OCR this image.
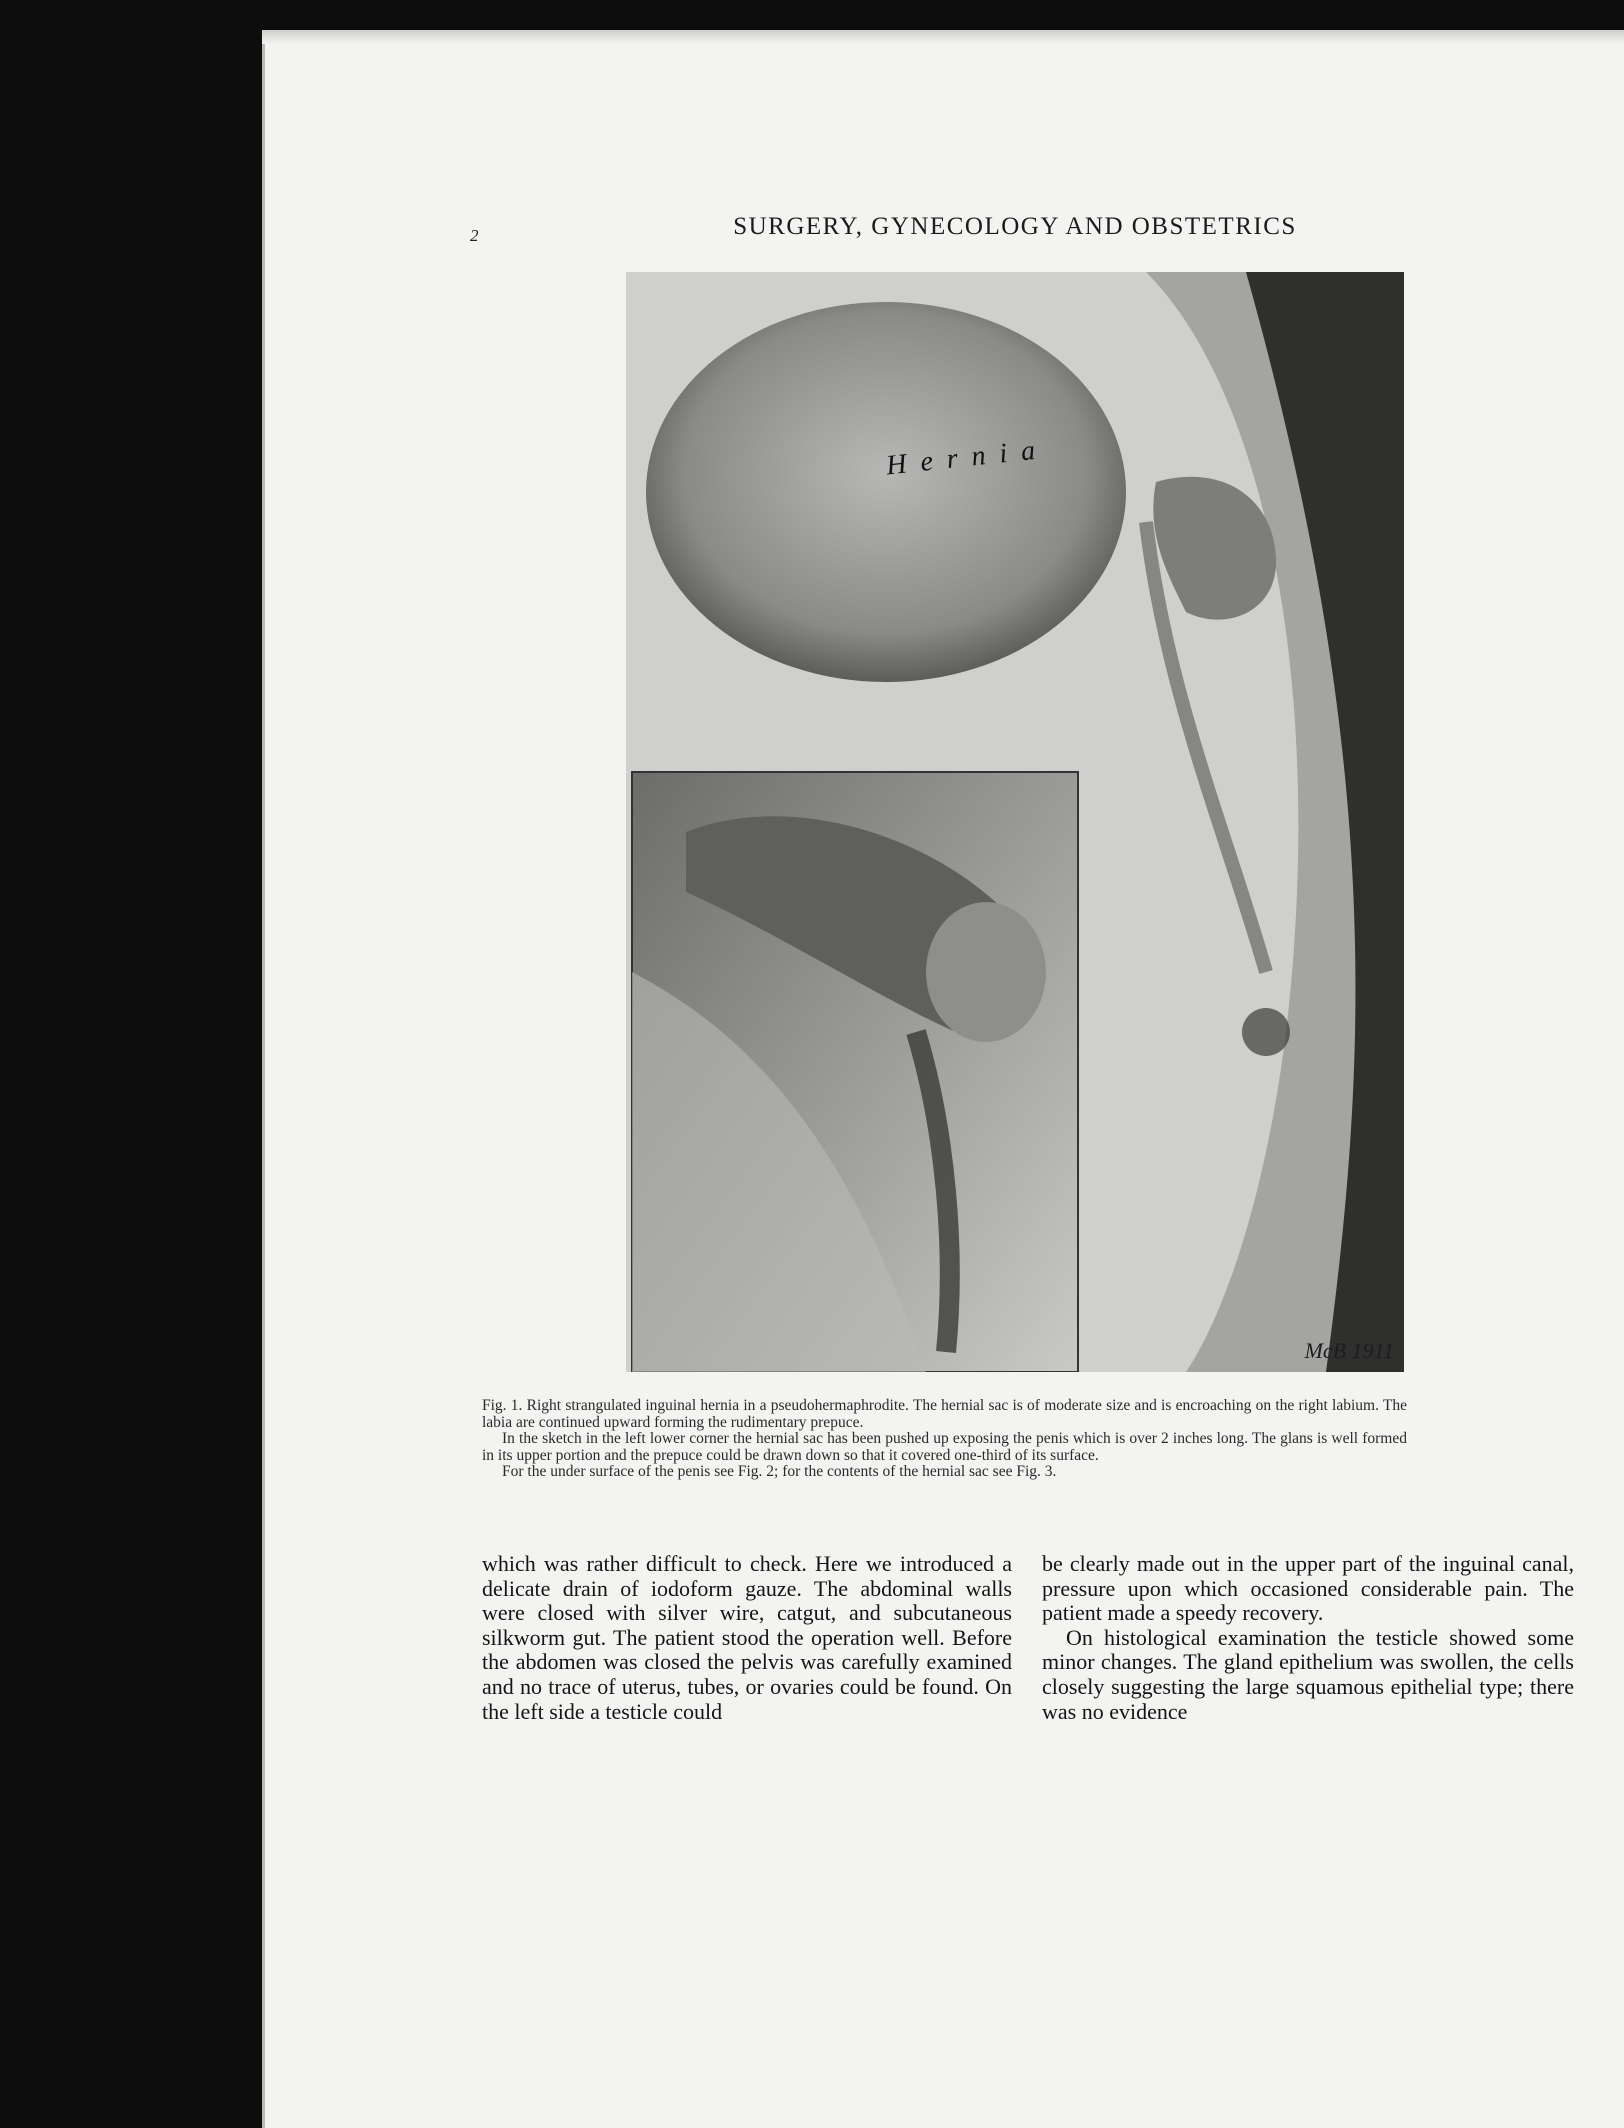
2	SURGERY, GYNECOLOGY AND OBSTETRICS
Hernia
McB 1911

Fig. 1. Right strangulated inguinal hernia in a pseudohermaphrodite. The hernial sac is of moderate size and is encroaching on the right labium. The labia are continued upward forming the rudimentary prepuce.

In the sketch in the left lower corner the hernial sac has been pushed up exposing the penis which is over 2 inches long. The glans is well formed in its upper portion and the prepuce could be drawn down so that it covered one-third of its surface.

For the under surface of the penis see Fig. 2; for the contents of the hernial sac see Fig. 3.

which was rather difficult to check. Here we introduced a delicate drain of iodoform gauze. The abdominal walls were closed with silver wire, catgut, and subcutaneous silkworm gut. The patient stood the operation well. Before the abdomen was closed the pelvis was carefully examined and no trace of uterus, tubes, or ovaries could be found. On the left side a testicle could

be clearly made out in the upper part of the inguinal canal, pressure upon which occasioned considerable pain. The patient made a speedy recovery.

On histological examination the testicle showed some minor changes. The gland epithelium was swollen, the cells closely suggesting the large squamous epithelial type; there was no evidence
